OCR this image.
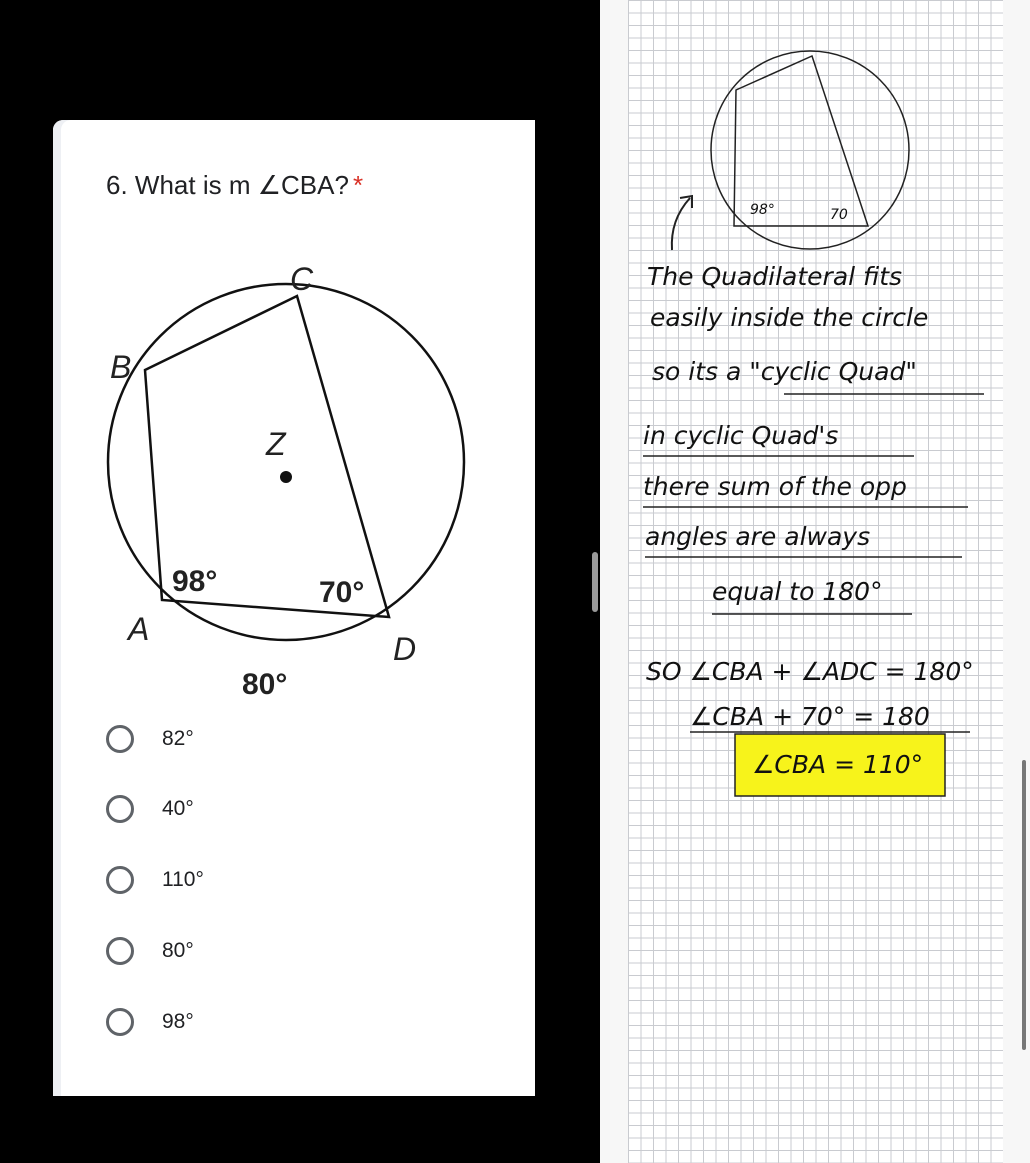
6. What is m ∠CBA? *
Z
B
C
A
D
98°	70°
80°
82°
40°
110°
80°
98°
98°	70
The Quadilateral fits
easily inside the circle
so its a "cyclic Quad"
in cyclic Quad's
there sum of the opp
angles are always
equal to 180°
SO ∠CBA + ∠ADC = 180°
∠CBA + 70° = 180
∠CBA = 110°
